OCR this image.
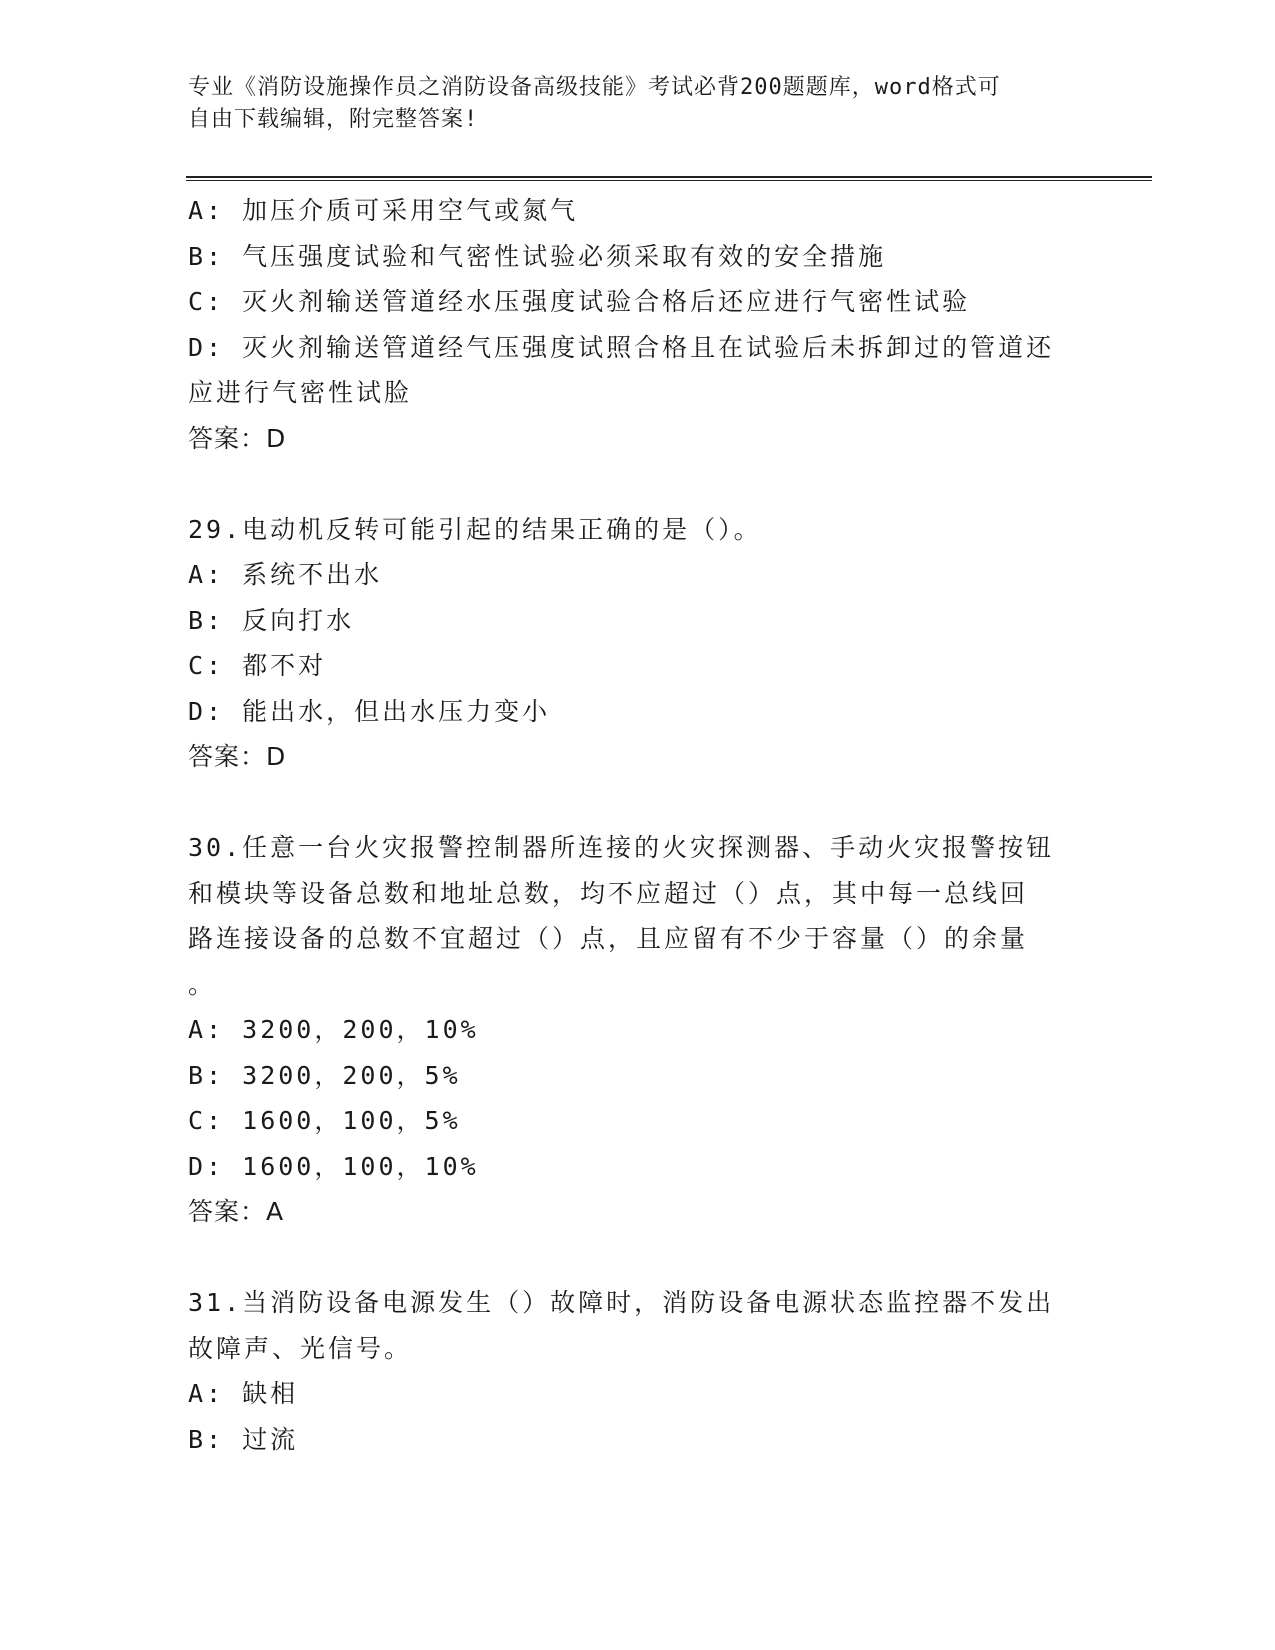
专业《消防设施操作员之消防设备高级技能》考试必背200题题库，word格式可
自由下载编辑，附完整答案!
A: 加压介质可采用空气或氮气
B: 气压强度试验和气密性试验必须采取有效的安全措施
C: 灭火剂输送管道经水压强度试验合格后还应进行气密性试验
D: 灭火剂输送管道经气压强度试照合格且在试验后未拆卸过的管道还
应进行气密性试脸
答案：D
29.电动机反转可能引起的结果正确的是（）。
A: 系统不出水
B: 反向打水
C: 都不对
D: 能出水，但出水压力变小
答案：D
30.任意一台火灾报警控制器所连接的火灾探测器、手动火灾报警按钮
和模块等设备总数和地址总数，均不应超过（）点，其中每一总线回
路连接设备的总数不宜超过（）点，且应留有不少于容量（）的余量
。
A: 3200，200，10%
B: 3200，200，5%
C: 1600，100，5%
D: 1600，100，10%
答案：A
31.当消防设备电源发生（）故障时，消防设备电源状态监控器不发出
故障声、光信号。
A: 缺相
B: 过流
